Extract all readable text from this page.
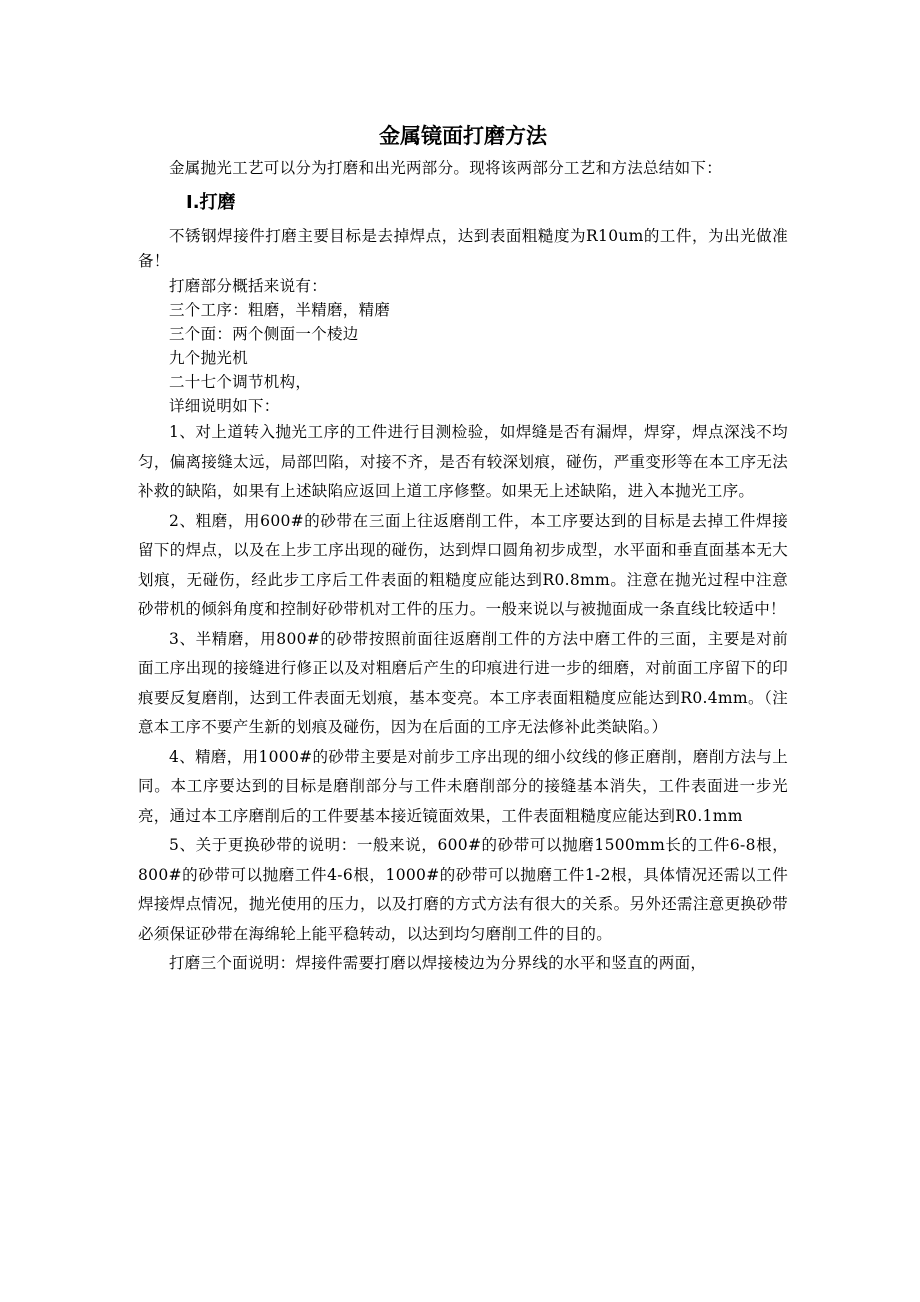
金属镜面打磨方法

金属抛光工艺可以分为打磨和出光两部分。现将该两部分工艺和方法总结如下：

Ⅰ.打磨

不锈钢焊接件打磨主要目标是去掉焊点，达到表面粗糙度为R10um的工件，为出光做准备！

打磨部分概括来说有：

三个工序：粗磨，半精磨，精磨

三个面：两个侧面一个棱边

九个抛光机

二十七个调节机构，

详细说明如下：

1、对上道转入抛光工序的工件进行目测检验，如焊缝是否有漏焊，焊穿，焊点深浅不均匀，偏离接缝太远，局部凹陷，对接不齐，是否有较深划痕，碰伤，严重变形等在本工序无法补救的缺陷，如果有上述缺陷应返回上道工序修整。如果无上述缺陷，进入本抛光工序。

2、粗磨，用600#的砂带在三面上往返磨削工件，本工序要达到的目标是去掉工件焊接留下的焊点，以及在上步工序出现的碰伤，达到焊口圆角初步成型，水平面和垂直面基本无大划痕，无碰伤，经此步工序后工件表面的粗糙度应能达到R0.8mm。注意在抛光过程中注意砂带机的倾斜角度和控制好砂带机对工件的压力。一般来说以与被抛面成一条直线比较适中！

3、半精磨，用800#的砂带按照前面往返磨削工件的方法中磨工件的三面，主要是对前面工序出现的接缝进行修正以及对粗磨后产生的印痕进行进一步的细磨，对前面工序留下的印痕要反复磨削，达到工件表面无划痕，基本变亮。本工序表面粗糙度应能达到R0.4mm。（注意本工序不要产生新的划痕及碰伤，因为在后面的工序无法修补此类缺陷。）

4、精磨，用1000#的砂带主要是对前步工序出现的细小纹线的修正磨削，磨削方法与上同。本工序要达到的目标是磨削部分与工件未磨削部分的接缝基本消失，工件表面进一步光亮，通过本工序磨削后的工件要基本接近镜面效果，工件表面粗糙度应能达到R0.1mm

5、关于更换砂带的说明：一般来说，600#的砂带可以抛磨1500mm长的工件6-8根，800#的砂带可以抛磨工件4-6根，1000#的砂带可以抛磨工件1-2根，具体情况还需以工件焊接焊点情况，抛光使用的压力，以及打磨的方式方法有很大的关系。另外还需注意更换砂带必须保证砂带在海绵轮上能平稳转动，以达到均匀磨削工件的目的。

打磨三个面说明：焊接件需要打磨以焊接棱边为分界线的水平和竖直的两面，
